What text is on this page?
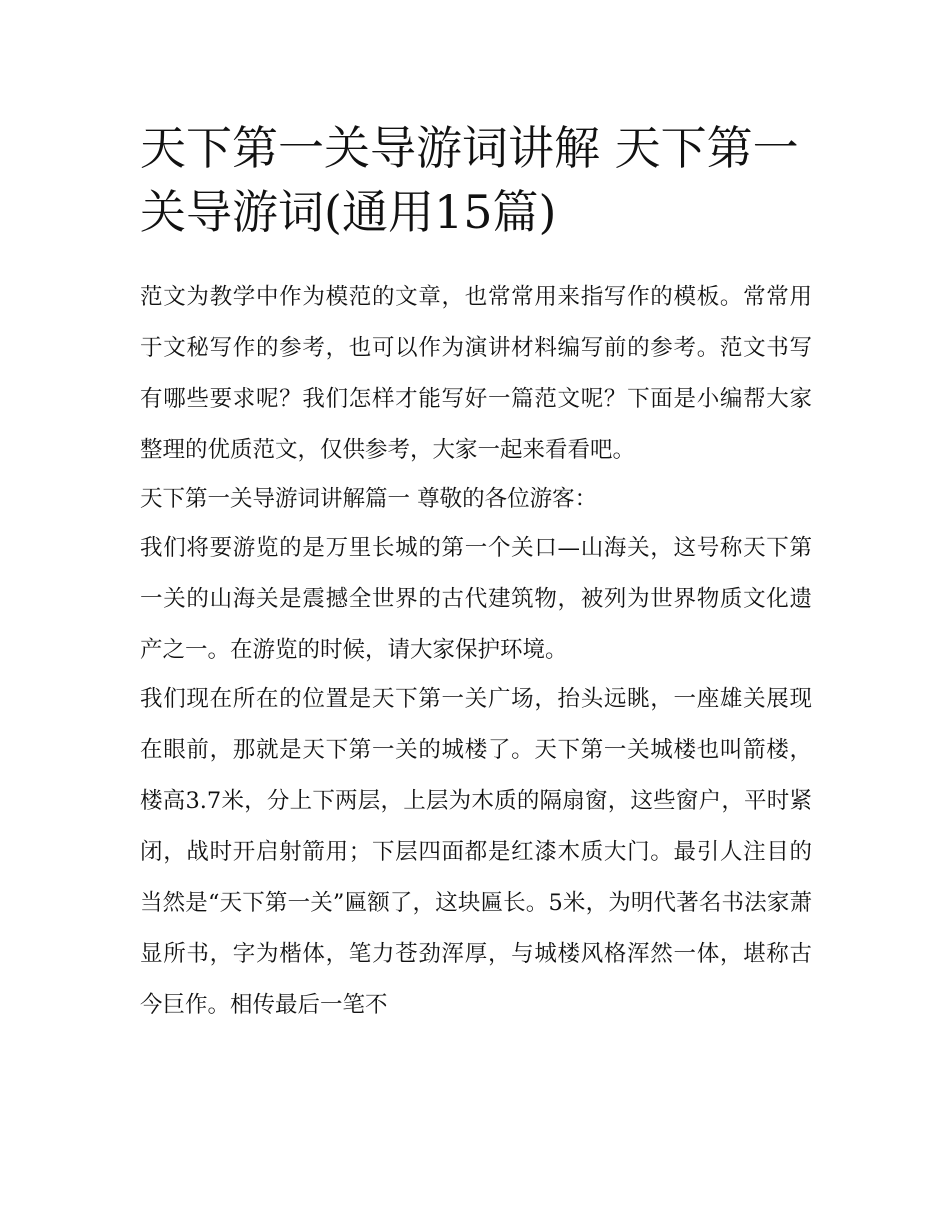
天下第一关导游词讲解 天下第一关导游词(通用15篇)

范文为教学中作为模范的文章，也常常用来指写作的模板。常常用于文秘写作的参考，也可以作为演讲材料编写前的参考。范文书写有哪些要求呢？我们怎样才能写好一篇范文呢？下面是小编帮大家整理的优质范文，仅供参考，大家一起来看看吧。

天下第一关导游词讲解篇一 尊敬的各位游客：

我们将要游览的是万里长城的第一个关口—山海关，这号称天下第一关的山海关是震撼全世界的古代建筑物，被列为世界物质文化遗产之一。在游览的时候，请大家保护环境。

我们现在所在的位置是天下第一关广场，抬头远眺，一座雄关展现在眼前，那就是天下第一关的城楼了。天下第一关城楼也叫箭楼，楼高3.7米，分上下两层，上层为木质的隔扇窗，这些窗户，平时紧闭，战时开启射箭用；下层四面都是红漆木质大门。最引人注目的当然是“天下第一关”匾额了，这块匾长。5米，为明代著名书法家萧显所书，字为楷体，笔力苍劲浑厚，与城楼风格浑然一体，堪称古今巨作。相传最后一笔不
